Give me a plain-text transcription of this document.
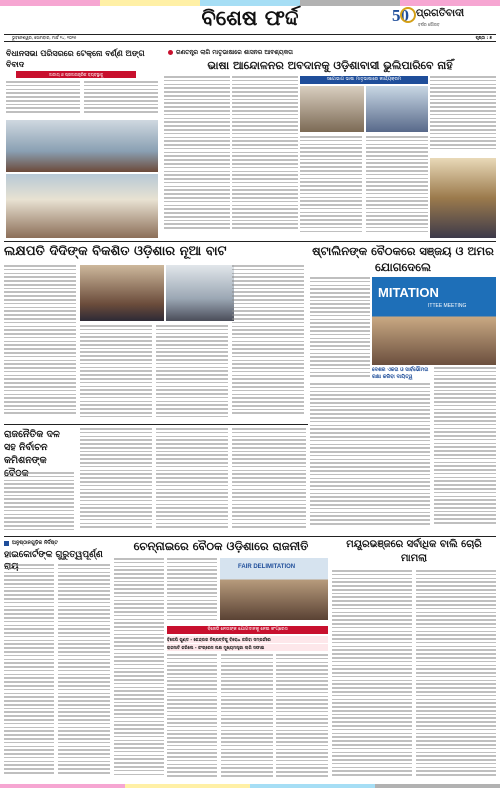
ବିଶେଷ ଫର୍ଦ୍ଦ	50 ପ୍ରଗତିବାଦୀ
ବର୍ଷର ଗୌରବ
ଭୁବନେଶ୍ୱର, ସୋମବାର, ମାର୍ଚ୍ଚ ୨୪, ୨୦୨୫	ପୃଷ୍ଠା : ୭
ବିଧାନସଭା ପରିସରରେ ଟେକ୍ନୋ ବର୍ଣ୍ଣ ଅଙ୍ଗ ବିବାଦ
ଜାତୀୟ ଓ ପ୍ରଜାତାନ୍ତ୍ରିକ ବ୍ୟବସ୍ଥାକୁ
ଗଣତନ୍ତ୍ର ଲାଗି ମାତୃଭାଷାରେ ଶାସନର ଆବଶ୍ୟକତା
ଭାଷା ଆନ୍ଦୋଳନର ଅବଦାନକୁ ଓଡ଼ିଶାବାସୀ ଭୁଲିପାରିବେ ନାହିଁ
ସଚ୍ଚୋଭାଗ ଭାଷା ମାତୃଭାଷାରେ କାର୍ଯ୍ୟକ୍ରମ
ଲକ୍ଷପତି ଦିଦିଙ୍କ ବିକଶିତ ଓଡ଼ିଶାର ନୂଆ ବାଟ	ଷ୍ଟାଲିନଙ୍କ ବୈଠକରେ ସଞ୍ଜୟ ଓ ଅମର ଯୋଗଦେଲେ
MITATION
ITTEE MEETING
ଦେଶର ଏକତା ଓ ସାର୍ବଭୌମତା ରକ୍ଷା କରିବା ଦାୟିତ୍ୱ
ରାଜନୈତିକ ଦଳ ସହ ନିର୍ବାଚନ କମିଶନଙ୍କ
ଅନୁଷ୍ଠାନଗୁଡ଼ିକ ନିର୍ଦ୍ଦିଷ୍ଟ
ହାଇକୋର୍ଟଙ୍କ ଗୁରୁତ୍ୱପୂର୍ଣ୍ଣ
ଚେନ୍ନାଇରେ ବୈଠକ ଓଡ଼ିଶାରେ ରାଜନୀତି
FAIR DELIMITATION
ବିଜେଡି ନେତାଙ୍କ ଯୋଗଦାନକୁ ନେଇ କଂଗ୍ରେସ
ବିଜେପି ଗୁଣ୍ଡ - କେନ୍ଦ୍ରର ନିଷ୍ପତ୍ତିକୁ ବିରୋଧ କରିବା ସମ୍ପର୍କରେ
ରାଜନୀତି କରିଲେ - କଂଗ୍ରେସ ଲକ୍ଷ ମୁଖ୍ୟମନ୍ତ୍ରୀ ଲାଗି ସଫାଇ
ମୟୂରଭଞ୍ଜରେ ସର୍ବାଧିକ ବାଲି ଚୋରି ମାମଲା
